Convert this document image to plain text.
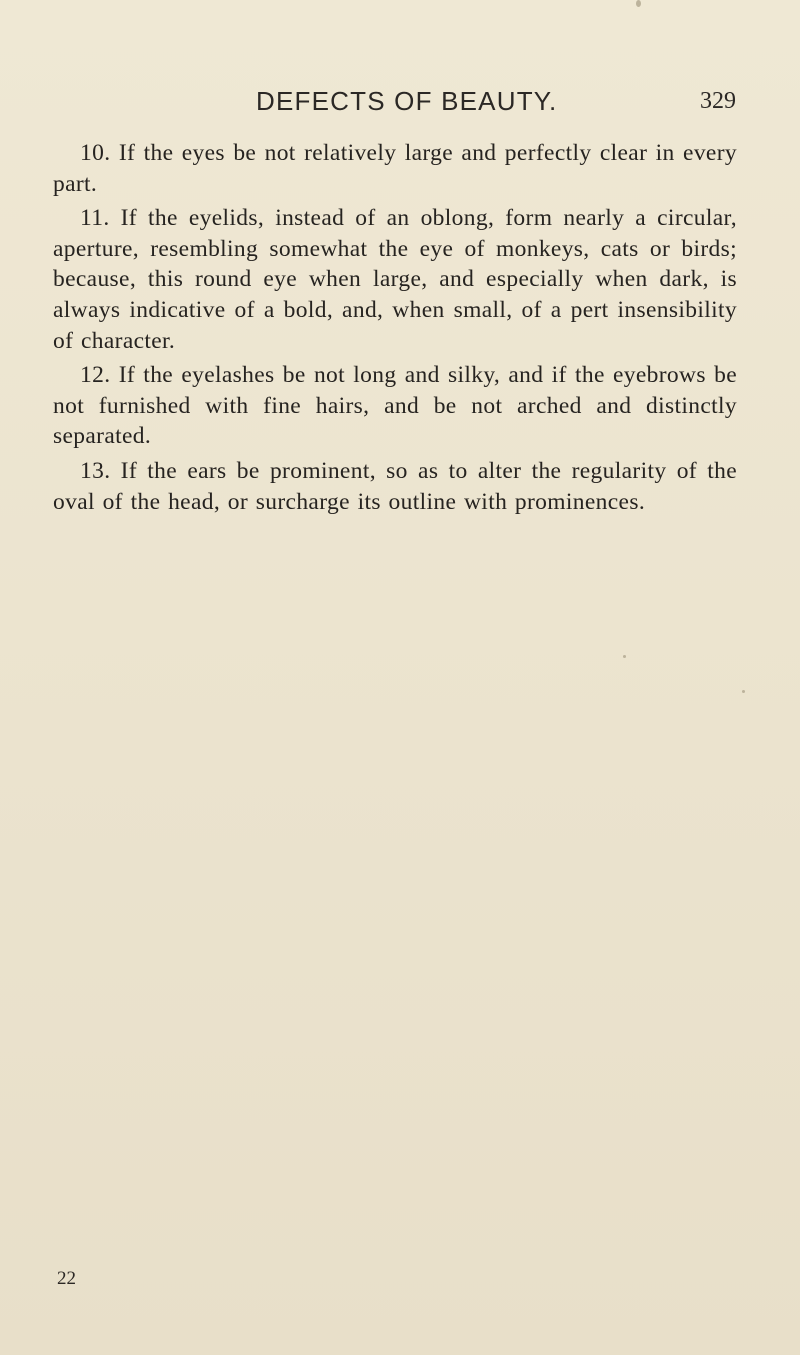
DEFECTS OF BEAUTY.	329

10. If the eyes be not relatively large and perfectly clear in every part.

11. If the eyelids, instead of an oblong, form nearly a circular, aperture, resembling somewhat the eye of monkeys, cats or birds; because, this round eye when large, and especially when dark, is always indicative of a bold, and, when small, of a pert insensibility of character.

12. If the eyelashes be not long and silky, and if the eyebrows be not furnished with fine hairs, and be not arched and distinctly separated.

13. If the ears be prominent, so as to alter the regularity of the oval of the head, or surcharge its outline with prominences.

22
